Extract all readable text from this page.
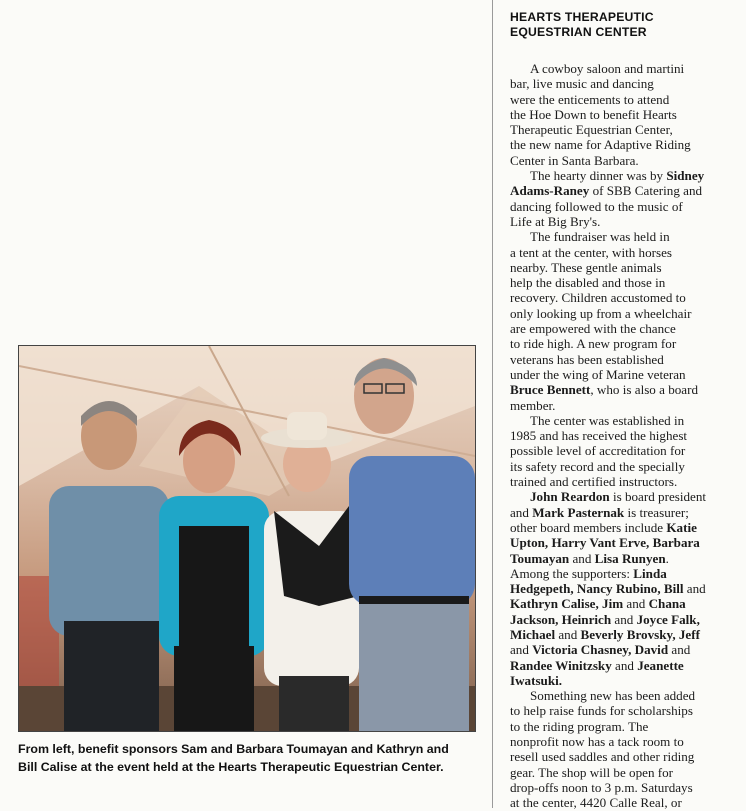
From left, benefit sponsors Sam and Barbara Toumayan and Kathryn and
Bill Calise at the event held at the Hearts Therapeutic Equestrian Center.
HEARTS THERAPEUTIC
EQUESTRIAN CENTER
A cowboy saloon and martini
bar, live music and dancing
were the enticements to attend
the Hoe Down to benefit Hearts
Therapeutic Equestrian Center,
the new name for Adaptive Riding
Center in Santa Barbara.
The hearty dinner was by Sidney
Adams-Raney of SBB Catering and
dancing followed to the music of
Life at Big Bry's.
The fundraiser was held in
a tent at the center, with horses
nearby. These gentle animals
help the disabled and those in
recovery. Children accustomed to
only looking up from a wheelchair
are empowered with the chance
to ride high. A new program for
veterans has been established
under the wing of Marine veteran
Bruce Bennett, who is also a board
member.
The center was established in
1985 and has received the highest
possible level of accreditation for
its safety record and the specially
trained and certified instructors.
John Reardon is board president
and Mark Pasternak is treasurer;
other board members include Katie
Upton, Harry Vant Erve, Barbara
Toumayan and Lisa Runyen.
Among the supporters: Linda
Hedgepeth, Nancy Rubino, Bill and
Kathryn Calise, Jim and Chana
Jackson, Heinrich and Joyce Falk,
Michael and Beverly Brovsky, Jeff
and Victoria Chasney, David and
Randee Winitzsky and Jeanette
Iwatsuki.
Something new has been added
to help raise funds for scholarships
to the riding program. The
nonprofit now has a tack room to
resell used saddles and other riding
gear. The shop will be open for
drop-offs noon to 3 p.m. Saturdays
at the center, 4420 Calle Real, or
